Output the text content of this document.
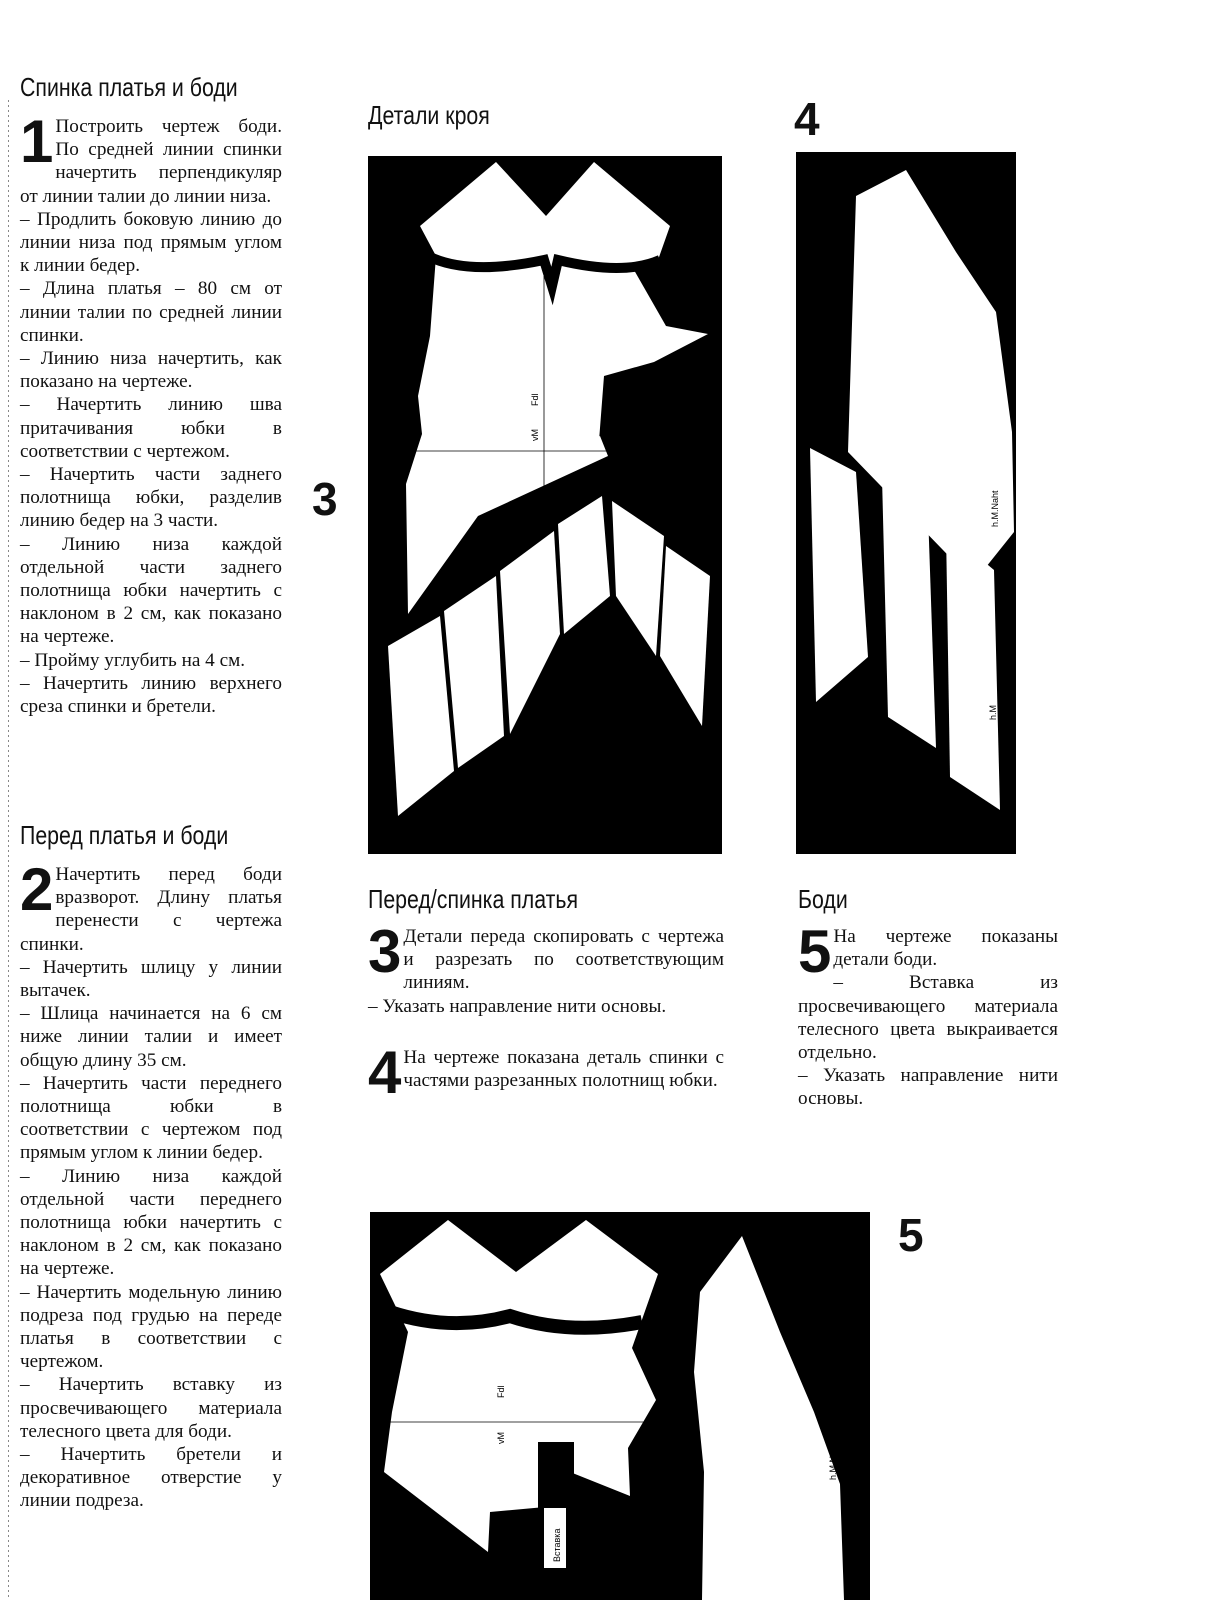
Спинка платья и боди
1 Построить чертеж боди. По средней линии спинки начертить перпендикуляр от линии талии до линии низа.

– Продлить боковую линию до линии низа под прямым углом к линии бедер.

– Длина платья – 80 см от линии талии по средней линии спинки.

– Линию низа начертить, как показано на чертеже.

– Начертить линию шва притачивания юбки в соответствии с чертежом.

– Начертить части заднего полотнища юбки, разделив линию бедер на 3 части.

– Линию низа каждой отдельной части заднего полотнища юбки начертить с наклоном в 2 см, как показано на чертеже.

– Пройму углубить на 4 см.

– Начертить линию верхнего среза спинки и бретели.

Перед платья и боди
2 Начертить перед боди вразворот. Длину платья перенести с чертежа спинки.

– Начертить шлицу у линии вытачек.

– Шлица начинается на 6 см ниже линии талии и имеет общую длину 35 см.

– Начертить части переднего полотнища юбки в соответствии с чертежом под прямым углом к линии бедер.

– Линию низа каждой отдельной части переднего полотнища юбки начертить с наклоном в 2 см, как показано на чертеже.

– Начертить модельную линию подреза под грудью на переде платья в соответствии с чертежом.

– Начертить вставку из просвечивающего материала телесного цвета для боди.

– Начертить бретели и декоративное отверстие у линии подреза.

Детали кроя
3
4
5
Fdl
vM
h.M.Naht
h.M
Перед/спинка платья
3 Детали переда скопировать с чертежа и разрезать по соответствующим линиям.

– Указать направление нити основы.

4 На чертеже показана деталь спинки с частями разрезанных полотнищ юбки.

Боди
5 На чертеже показаны детали боди.

– Вставка из просвечивающего материала телесного цвета выкраивается отдельно.

– Указать направление нити основы.

Fdl
vM
Вставка
h.M.Naht
